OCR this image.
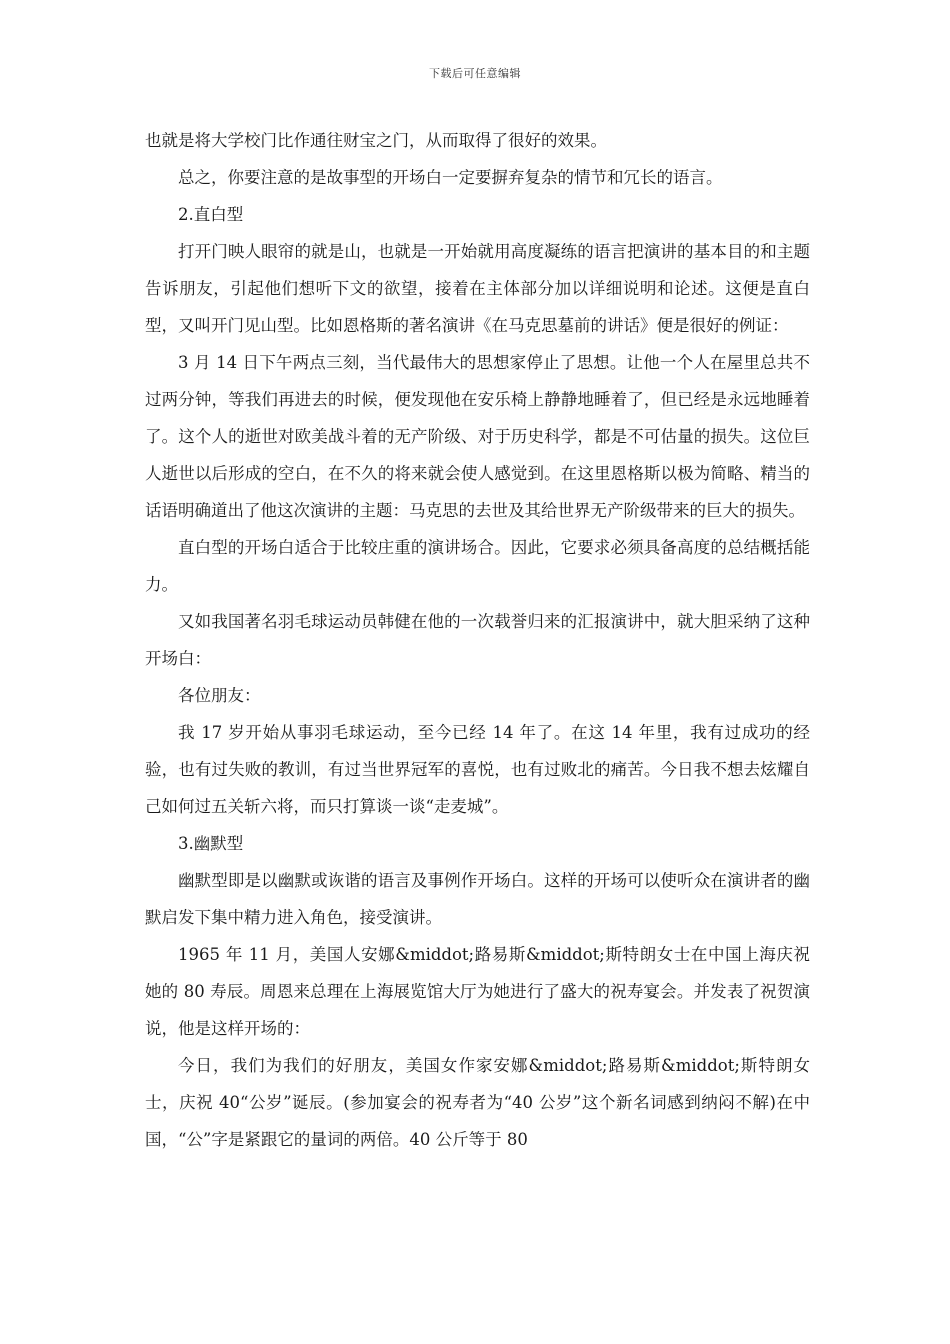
下载后可任意编辑

也就是将大学校门比作通往财宝之门，从而取得了很好的效果。

总之，你要注意的是故事型的开场白一定要摒弃复杂的情节和冗长的语言。

2.直白型

打开门映人眼帘的就是山，也就是一开始就用高度凝练的语言把演讲的基本目的和主题告诉朋友，引起他们想听下文的欲望，接着在主体部分加以详细说明和论述。这便是直白型，又叫开门见山型。比如恩格斯的著名演讲《在马克思墓前的讲话》便是很好的例证：

3 月 14 日下午两点三刻，当代最伟大的思想家停止了思想。让他一个人在屋里总共不过两分钟，等我们再进去的时候，便发现他在安乐椅上静静地睡着了，但已经是永远地睡着了。这个人的逝世对欧美战斗着的无产阶级、对于历史科学，都是不可估量的损失。这位巨人逝世以后形成的空白，在不久的将来就会使人感觉到。在这里恩格斯以极为简略、精当的话语明确道出了他这次演讲的主题：马克思的去世及其给世界无产阶级带来的巨大的损失。

直白型的开场白适合于比较庄重的演讲场合。因此，它要求必须具备高度的总结概括能力。

又如我国著名羽毛球运动员韩健在他的一次载誉归来的汇报演讲中，就大胆采纳了这种开场白：

各位朋友：

我 17 岁开始从事羽毛球运动，至今已经 14 年了。在这 14 年里，我有过成功的经验，也有过失败的教训，有过当世界冠军的喜悦，也有过败北的痛苦。今日我不想去炫耀自己如何过五关斩六将，而只打算谈一谈“走麦城”。

3.幽默型

幽默型即是以幽默或诙谐的语言及事例作开场白。这样的开场可以使听众在演讲者的幽默启发下集中精力进入角色，接受演讲。

1965 年 11 月，美国人安娜&middot;路易斯&middot;斯特朗女士在中国上海庆祝她的 80 寿辰。周恩来总理在上海展览馆大厅为她进行了盛大的祝寿宴会。并发表了祝贺演说，他是这样开场的：

今日，我们为我们的好朋友，美国女作家安娜&middot;路易斯&middot;斯特朗女士，庆祝 40“公岁”诞辰。(参加宴会的祝寿者为“40 公岁”这个新名词感到纳闷不解)在中国，“公”字是紧跟它的量词的两倍。40 公斤等于 80
